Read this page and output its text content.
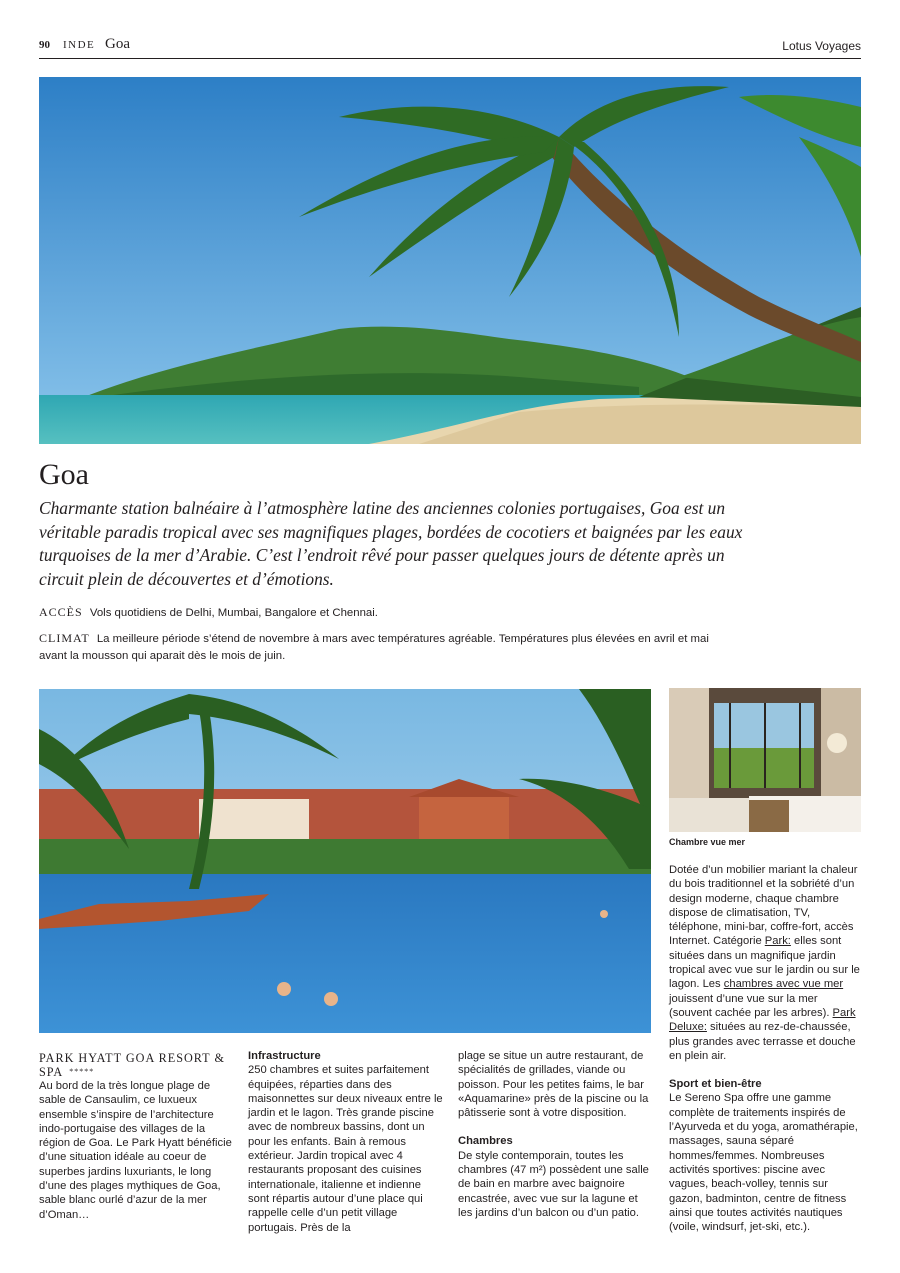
90 INDE Goa	Lotus Voyages
Goa
Charmante station balnéaire à l’atmosphère latine des anciennes colonies portugaises, Goa est un véritable paradis tropical avec ses magnifiques plages, bordées de cocotiers et baignées par les eaux turquoises de la mer d’Arabie. C’est l’endroit rêvé pour passer quelques jours de détente après un circuit plein de découvertes et d’émotions.
ACCÈS Vols quotidiens de Delhi, Mumbai, Bangalore et Chennai.
CLIMAT La meilleure période s’étend de novembre à mars avec températures agréable. Températures plus élevées en avril et mai avant la mousson qui aparait dès le mois de juin.
Chambre vue mer

PARK HYATT GOA RESORT & SPA *****

Au bord de la très longue plage de sable de Cansaulim, ce luxueux ensemble s’inspire de l’architecture indo-portugaise des villages de la région de Goa. Le Park Hyatt bénéficie d’une situation idéale au coeur de superbes jardins luxuriants, le long d’une des plages mythiques de Goa, sable blanc ourlé d’azur de la mer d’Oman…

Infrastructure

250 chambres et suites parfaitement équipées, réparties dans des maisonnettes sur deux niveaux entre le jardin et le lagon. Très grande piscine avec de nombreux bassins, dont un pour les enfants. Bain à remous extérieur. Jardin tropical avec 4 restaurants proposant des cuisines internationale, italienne et indienne sont répartis autour d’une place qui rappelle celle d’un petit village portugais. Près de la

plage se situe un autre restaurant, de spécialités de grillades, viande ou poisson. Pour les petites faims, le bar «Aquamarine» près de la piscine ou la pâtisserie sont à votre disposition.

Chambres

De style contemporain, toutes les chambres (47 m²) possèdent une salle de bain en marbre avec baignoire encastrée, avec vue sur la lagune et les jardins d’un balcon ou d’un patio.

Dotée d’un mobilier mariant la chaleur du bois traditionnel et la sobriété d’un design moderne, chaque chambre dispose de climatisation, TV, téléphone, mini-bar, coffre-fort, accès Internet. Catégorie Park: elles sont situées dans un magnifique jardin tropical avec vue sur le jardin ou sur le lagon. Les chambres avec vue mer jouissent d’une vue sur la mer (souvent cachée par les arbres). Park Deluxe: situées au rez-de-chaussée, plus grandes avec terrasse et douche en plein air.

Sport et bien-être

Le Sereno Spa offre une gamme complète de traitements inspirés de l’Ayurveda et du yoga, aromathérapie, massages, sauna séparé hommes/femmes. Nombreuses activités sportives: piscine avec vagues, beach-volley, tennis sur gazon, badminton, centre de fitness ainsi que toutes activités nautiques (voile, windsurf, jet-ski, etc.).
